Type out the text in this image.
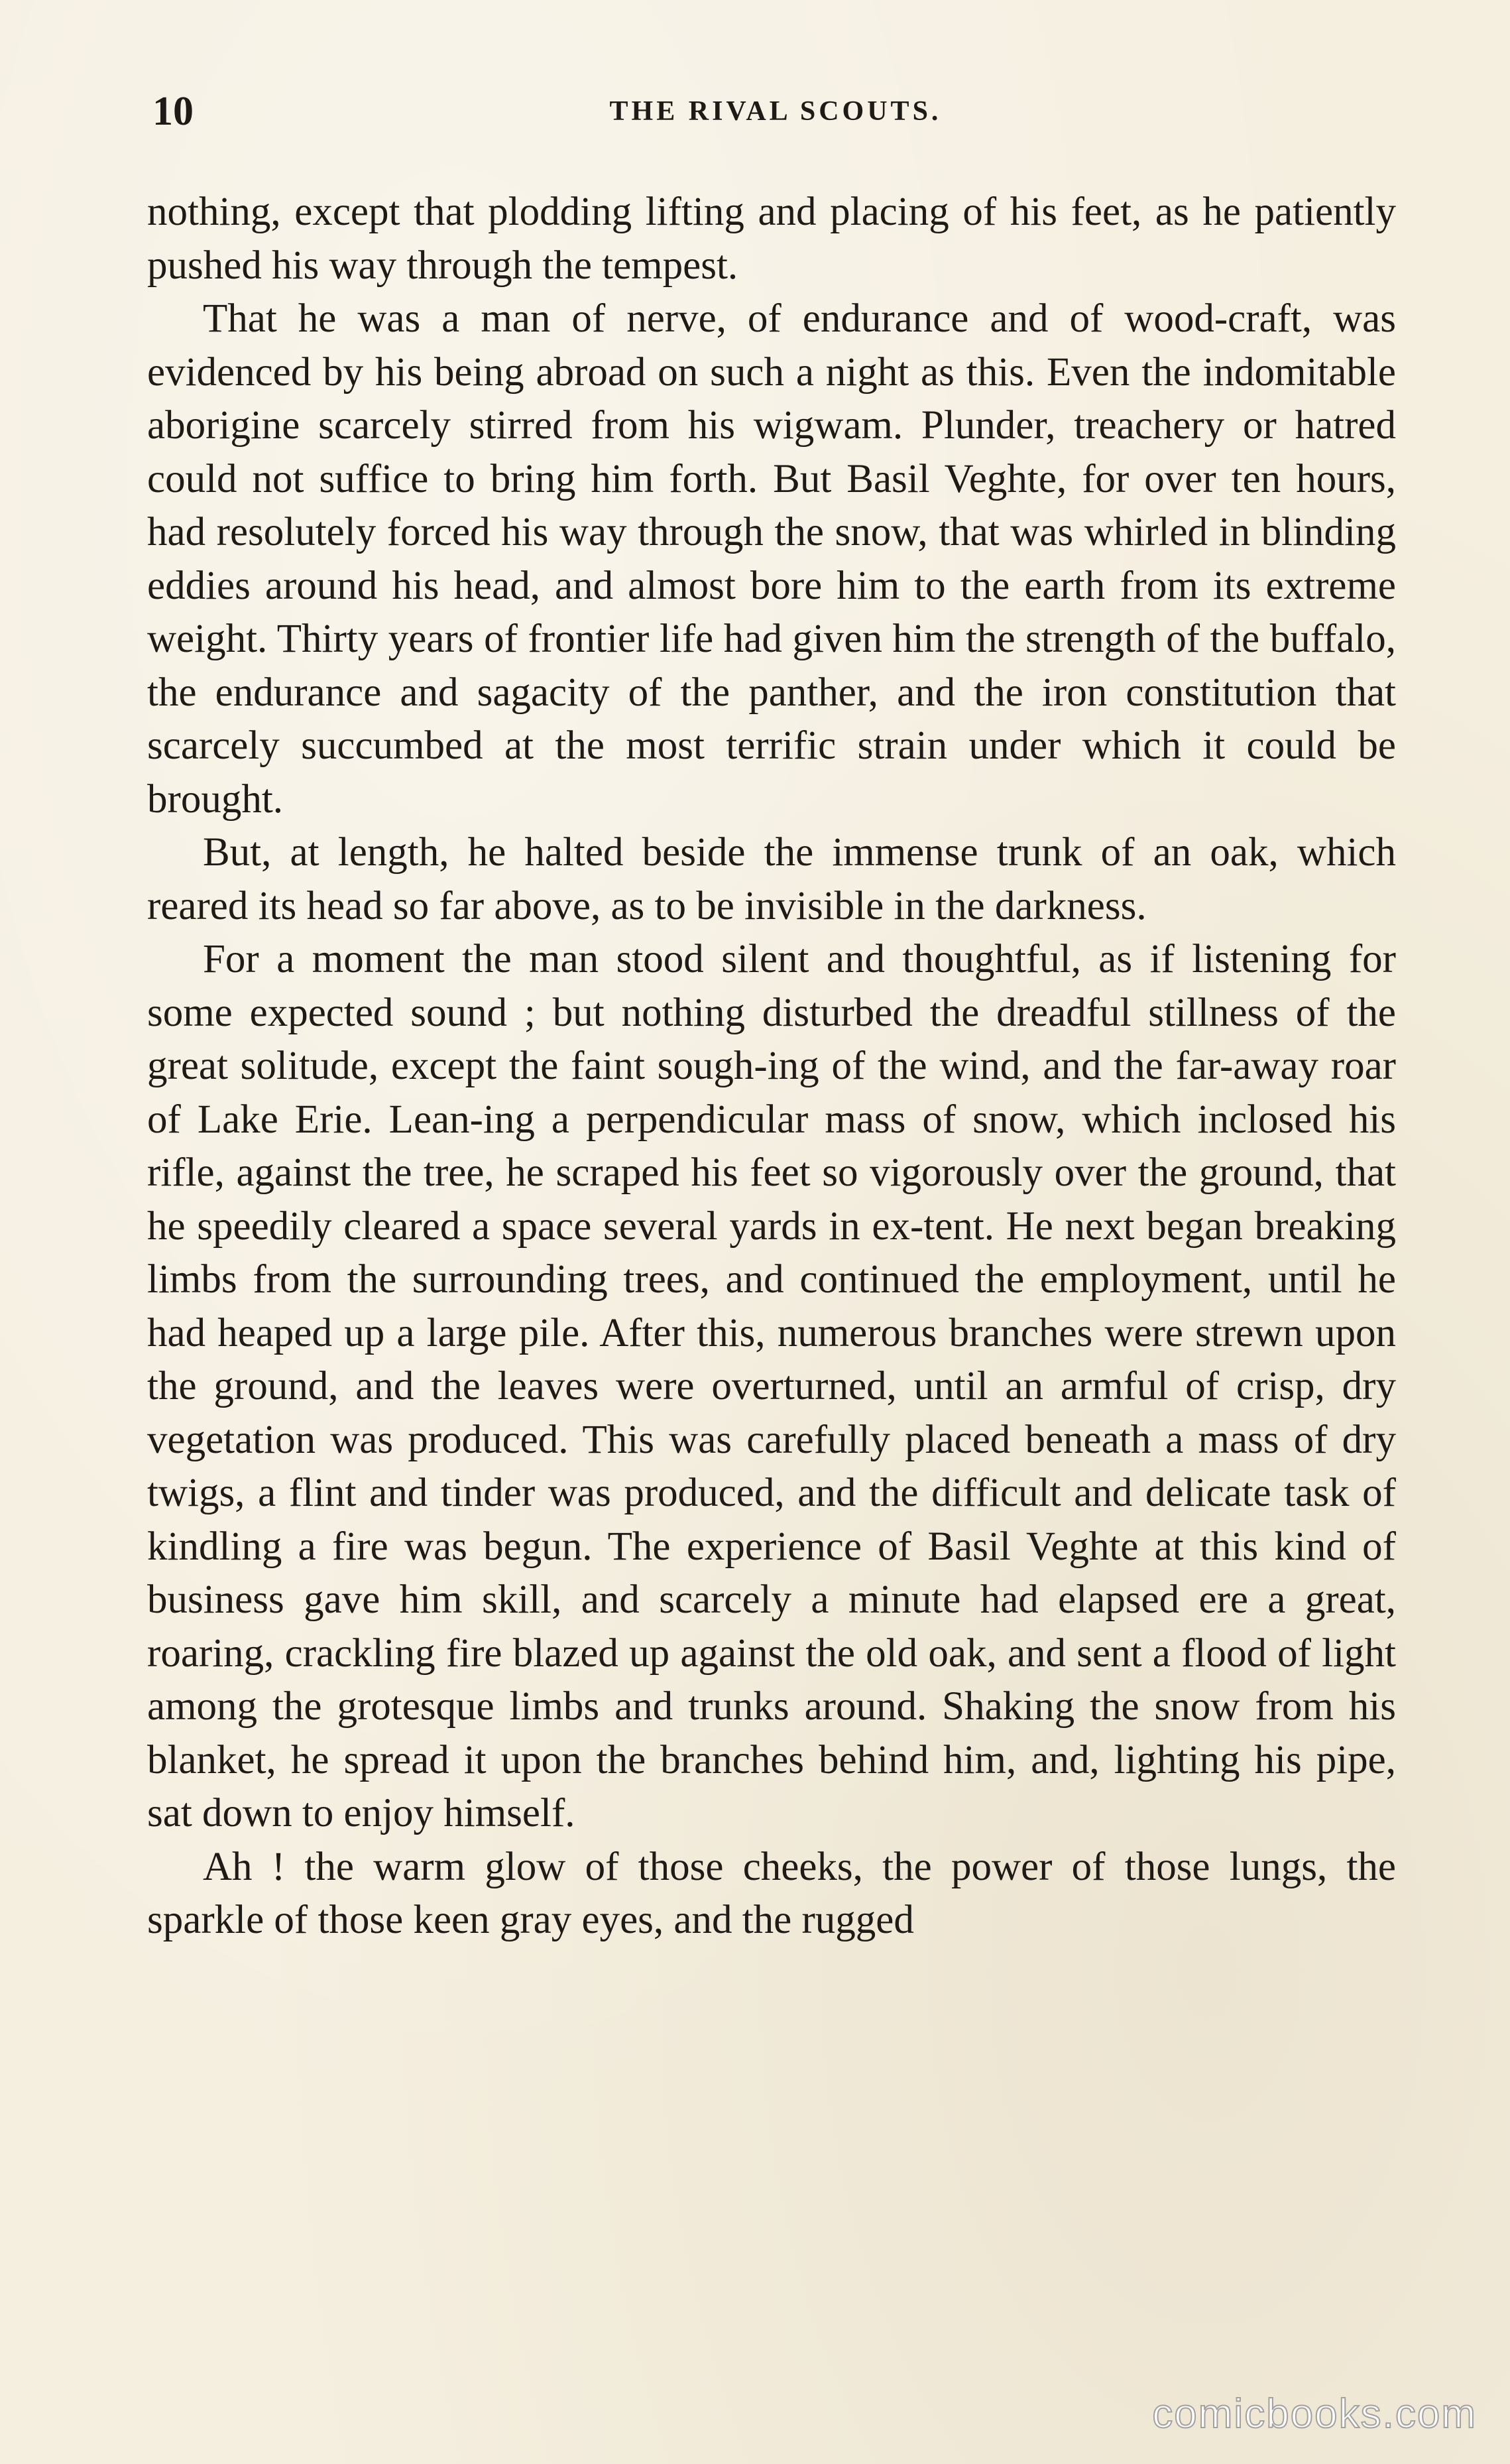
10	THE RIVAL SCOUTS.

nothing, except that plodding lifting and placing of his feet, as he patiently pushed his way through the tempest.

That he was a man of nerve, of endurance and of wood-craft, was evidenced by his being abroad on such a night as this. Even the indomitable aborigine scarcely stirred from his wigwam. Plunder, treachery or hatred could not suffice to bring him forth. But Basil Veghte, for over ten hours, had resolutely forced his way through the snow, that was whirled in blinding eddies around his head, and almost bore him to the earth from its extreme weight. Thirty years of frontier life had given him the strength of the buffalo, the endurance and sagacity of the panther, and the iron constitution that scarcely succumbed at the most terrific strain under which it could be brought.

But, at length, he halted beside the immense trunk of an oak, which reared its head so far above, as to be invisible in the darkness.

For a moment the man stood silent and thoughtful, as if listening for some expected sound ; but nothing disturbed the dreadful stillness of the great solitude, except the faint sough-ing of the wind, and the far-away roar of Lake Erie. Lean-ing a perpendicular mass of snow, which inclosed his rifle, against the tree, he scraped his feet so vigorously over the ground, that he speedily cleared a space several yards in ex-tent. He next began breaking limbs from the surrounding trees, and continued the employment, until he had heaped up a large pile. After this, numerous branches were strewn upon the ground, and the leaves were overturned, until an armful of crisp, dry vegetation was produced. This was carefully placed beneath a mass of dry twigs, a flint and tinder was produced, and the difficult and delicate task of kindling a fire was begun. The experience of Basil Veghte at this kind of business gave him skill, and scarcely a minute had elapsed ere a great, roaring, crackling fire blazed up against the old oak, and sent a flood of light among the grotesque limbs and trunks around. Shaking the snow from his blanket, he spread it upon the branches behind him, and, lighting his pipe, sat down to enjoy himself.

Ah ! the warm glow of those cheeks, the power of those lungs, the sparkle of those keen gray eyes, and the rugged

comicbooks.com
